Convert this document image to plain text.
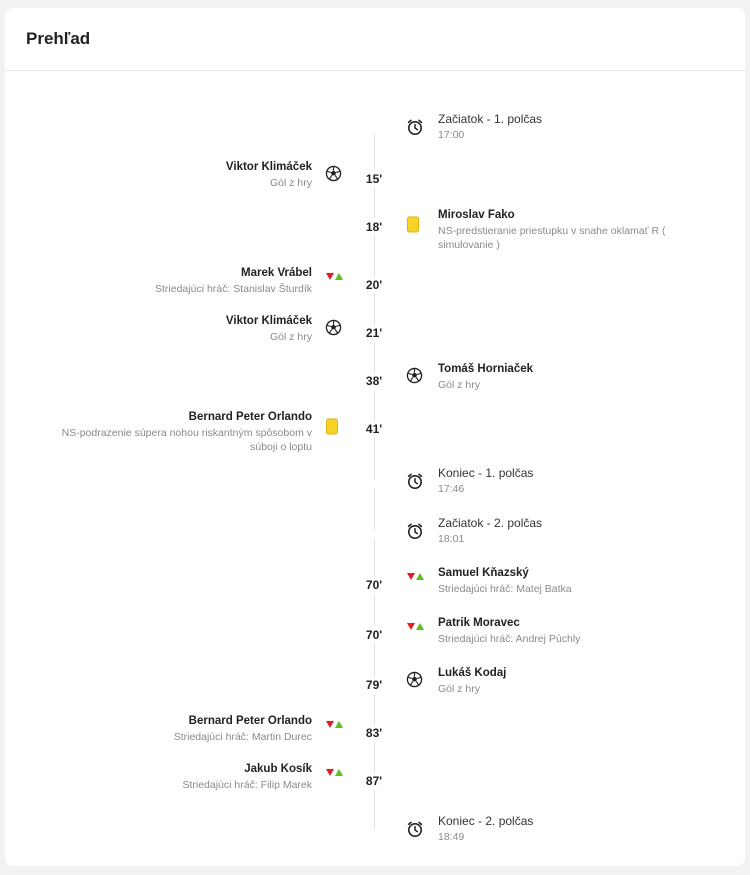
Prehľad
Začiatok - 1. polčas
17:00
15'
Viktor Klimáček
Gól z hry
18'
Miroslav Fako
NS-predstieranie priestupku v snahe oklamať R ( simulovanie )
20'
Marek Vrábel
Striedajúci hráč: Stanislav Šturdík
21'
Viktor Klimáček
Gól z hry
38'
Tomáš Horniaček
Gól z hry
41'
Bernard Peter Orlando
NS-podrazenie súpera nohou riskantným spôsobom v súboji o loptu
Koniec - 1. polčas
17:46
Začiatok - 2. polčas
18:01
70'
Samuel Kňazský
Striedajúci hráč: Matej Batka
70'
Patrik Moravec
Striedajúci hráč: Andrej Púchly
79'
Lukáš Kodaj
Gól z hry
83'
Bernard Peter Orlando
Striedajúci hráč: Martin Durec
87'
Jakub Kosík
Striedajúci hráč: Filip Marek
Koniec - 2. polčas
18:49
